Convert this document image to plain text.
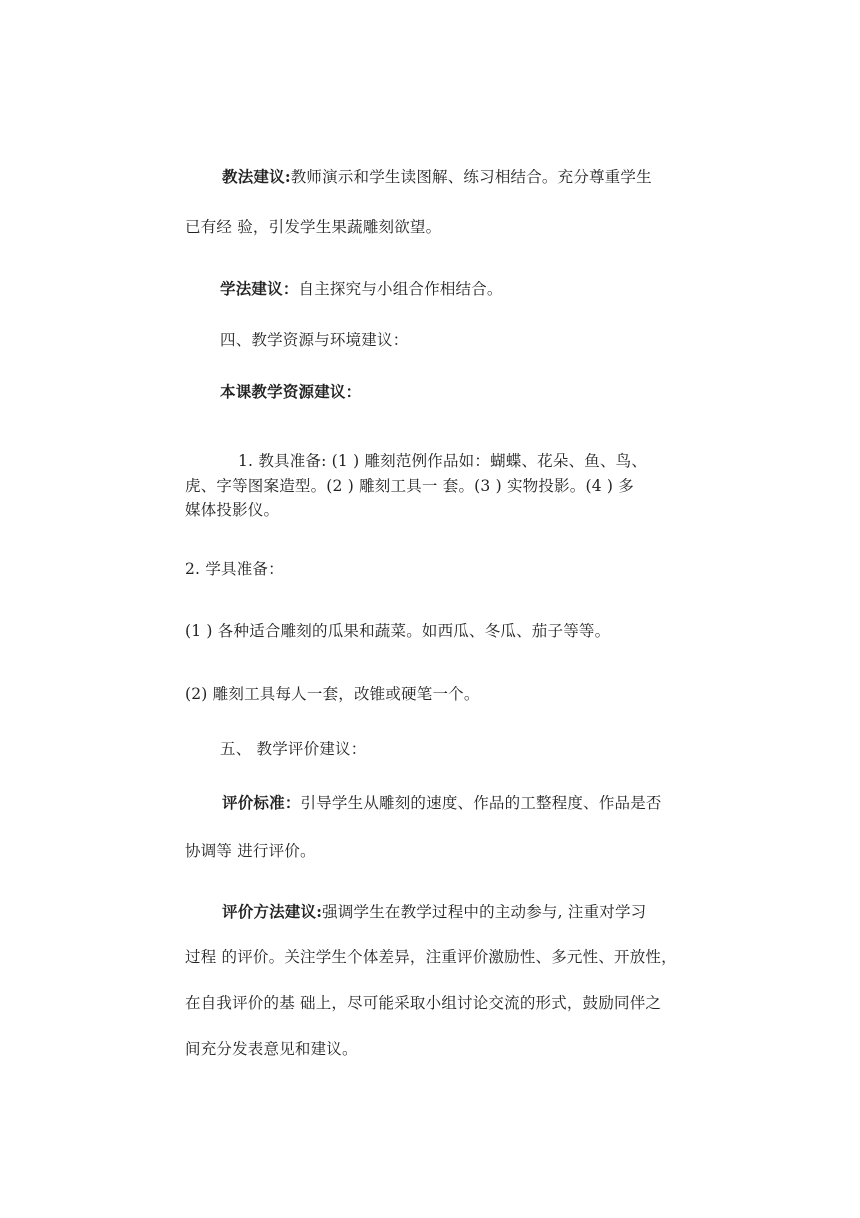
教法建议:教师演示和学生读图解、练习相结合。充分尊重学生
已有经 验，引发学生果蔬雕刻欲望。
学法建议：自主探究与小组合作相结合。
四、教学资源与环境建议：
本课教学资源建议：
1. 教具准备: (1 ) 雕刻范例作品如：蝴蝶、花朵、鱼、鸟、
虎、字等图案造型。(2 ) 雕刻工具一 套。(3 ) 实物投影。(4 ) 多
媒体投影仪。
2. 学具准备：
(1 ) 各种适合雕刻的瓜果和蔬菜。如西瓜、冬瓜、茄子等等。
(2) 雕刻工具每人一套，改锥或硬笔一个。
五、 教学评价建议：
评价标准：引导学生从雕刻的速度、作品的工整程度、作品是否
协调等 进行评价。
评价方法建议:强调学生在教学过程中的主动参与, 注重对学习
过程 的评价。关注学生个体差异，注重评价激励性、多元性、开放性，
在自我评价的基 础上，尽可能采取小组讨论交流的形式，鼓励同伴之
间充分发表意见和建议。
